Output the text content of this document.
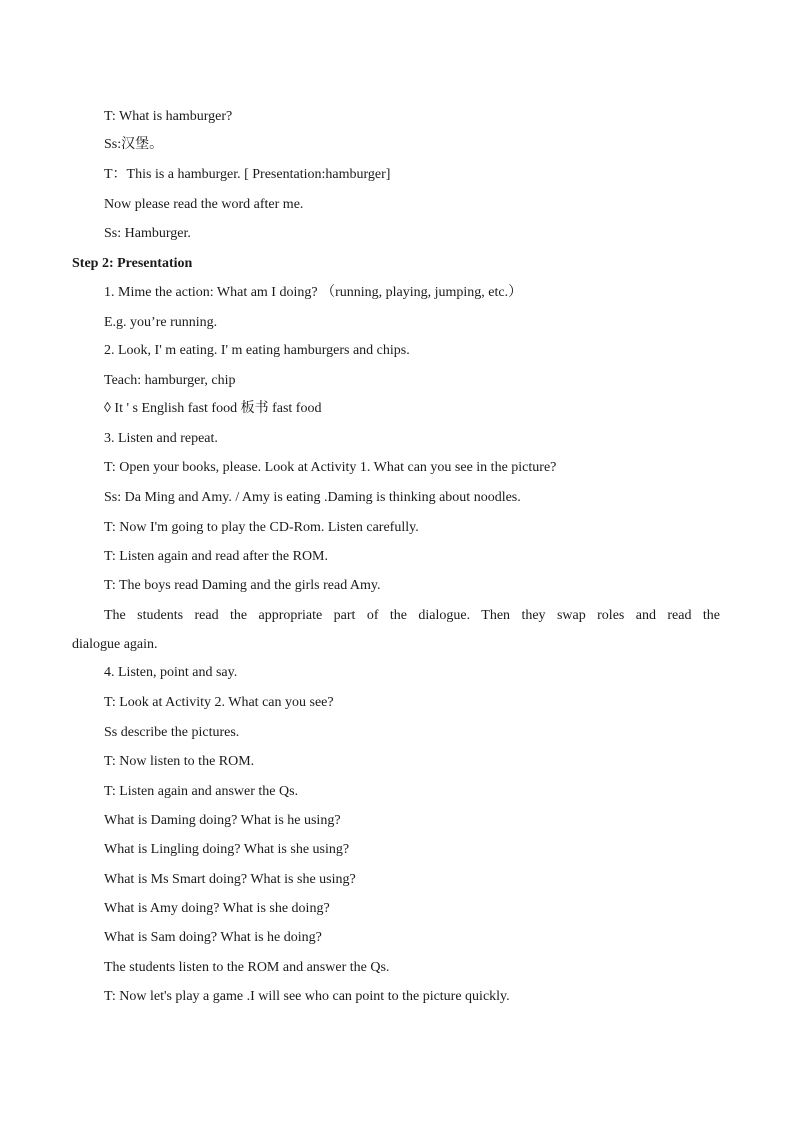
T: What is hamburger?
Ss:汉堡。
T：This is a hamburger. [ Presentation:hamburger]
Now please read the word after me.
Ss: Hamburger.
Step 2: Presentation
1. Mime the action: What am I doing? （running, playing, jumping, etc.）
E.g. you’re running.
2. Look, I' m eating. I' m eating hamburgers and chips.
Teach: hamburger, chip
◊ It ' s English fast food 板书 fast food
3. Listen and repeat.
T: Open your books, please. Look at Activity 1. What can you see in the picture?
Ss: Da Ming and Amy. / Amy is eating .Daming is thinking about noodles.
T: Now I'm going to play the CD-Rom. Listen carefully.
T: Listen again and read after the ROM.
T: The boys read Daming and the girls read Amy.
The students read the appropriate part of the dialogue. Then they swap roles and read the
dialogue again.
4. Listen, point and say.
T: Look at Activity 2. What can you see?
Ss describe the pictures.
T: Now listen to the ROM.
T: Listen again and answer the Qs.
What is Daming doing? What is he using?
What is Lingling doing? What is she using?
What is Ms Smart doing? What is she using?
What is Amy doing? What is she doing?
What is Sam doing? What is he doing?
The students listen to the ROM and answer the Qs.
T: Now let's play a game .I will see who can point to the picture quickly.
